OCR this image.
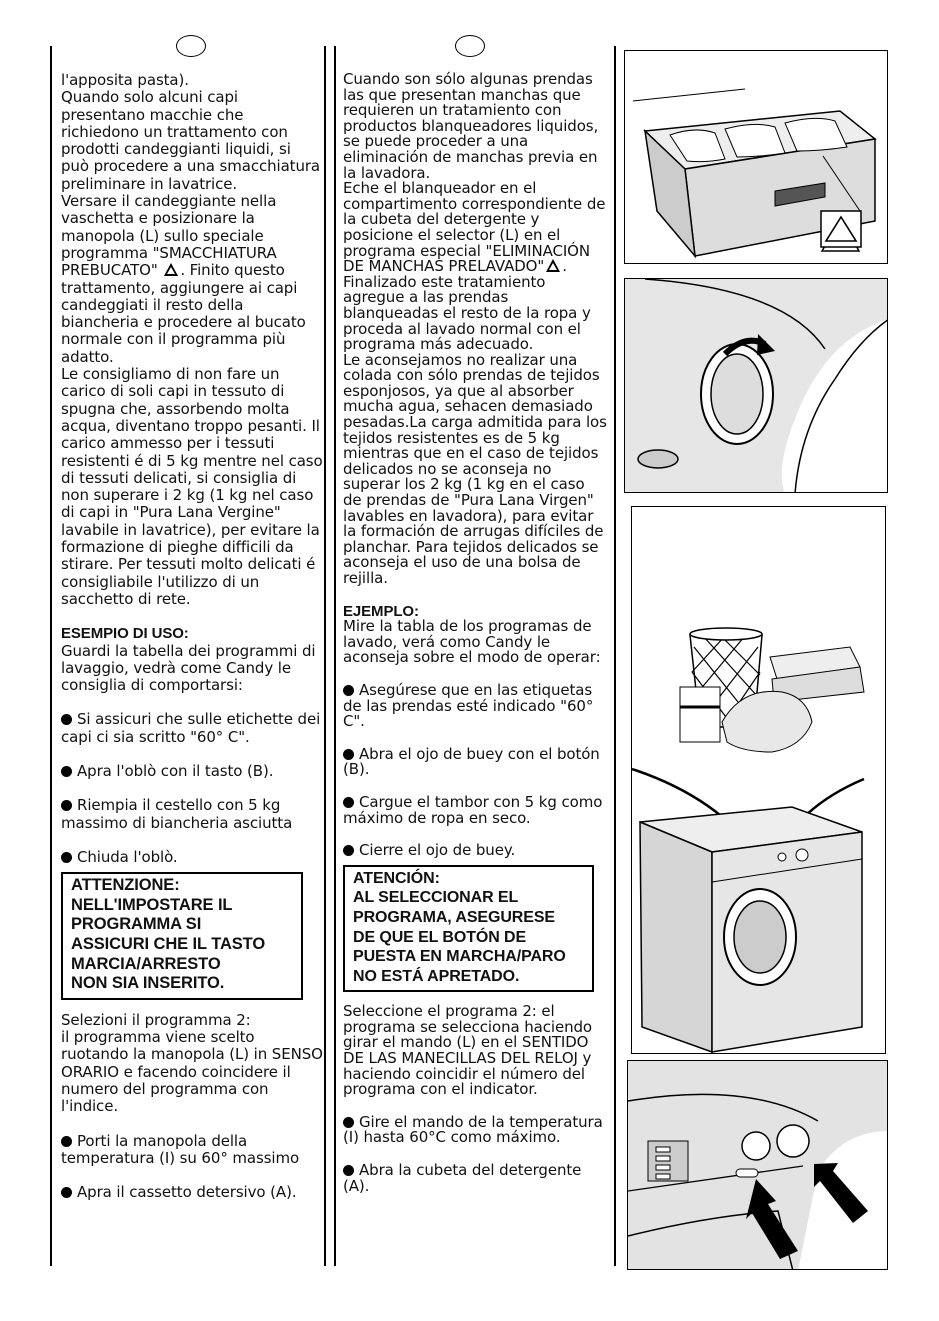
l'apposita pasta).
Quando solo alcuni capi presentano macchie che richiedono un trattamento con prodotti candeggianti liquidi, si può procedere a una smacchiatura preliminare in lavatrice.
Versare il candeggiante nella vaschetta e posizionare la manopola (L) sullo speciale programma "SMACCHIATURA PREBUCATO" . Finito questo trattamento, aggiungere ai capi candeggiati il resto della biancheria e procedere al bucato normale con il programma più adatto.
Le consigliamo di non fare un carico di soli capi in tessuto di spugna che, assorbendo molta acqua, diventano troppo pesanti. Il carico ammesso per i tessuti resistenti é di 5 kg mentre nel caso di tessuti delicati, si consiglia di non superare i 2 kg (1 kg nel caso di capi in "Pura Lana Vergine" lavabile in lavatrice), per evitare la formazione di pieghe difficili da stirare. Per tessuti molto delicati é consigliabile l'utilizzo di un sacchetto di rete.

ESEMPIO DI USO:

Guardi la tabella dei programmi di lavaggio, vedrà come Candy le consiglia di comportarsi:

Si assicuri che sulle etichette dei capi ci sia scritto "60° C".

Apra l'oblò con il tasto (B).

Riempia il cestello con 5 kg massimo di biancheria asciutta

Chiuda l'oblò.

ATTENZIONE:
NELL'IMPOSTARE IL
PROGRAMMA SI
ASSICURI CHE IL TASTO
MARCIA/ARRESTO
NON SIA INSERITO.

Selezioni il programma 2:
il programma viene scelto ruotando la manopola (L) in SENSO ORARIO e facendo coincidere il numero del programma con l'indice.

Porti la manopola della temperatura (I) su 60° massimo

Apra il cassetto detersivo (A).

Cuando son sólo algunas prendas las que presentan manchas que requieren un tratamiento con productos blanqueadores liquidos, se puede proceder a una eliminación de manchas previa en la lavadora.
Eche el blanqueador en el compartimento correspondiente de la cubeta del detergente y posicione el selector (L) en el programa especial "ELIMINACIÓN DE MANCHAS PRELAVADO" .
Finalizado este tratamiento agregue a las prendas blanqueadas el resto de la ropa y proceda al lavado normal con el programa más adecuado.
Le aconsejamos no realizar una colada con sólo prendas de tejidos esponjosos, ya que al absorber mucha agua, sehacen demasiado pesadas.La carga admitida para los tejidos resistentes es de 5 kg mientras que en el caso de tejidos delicados no se aconseja no superar los 2 kg (1 kg en el caso de prendas de "Pura Lana Virgen" lavables en lavadora), para evitar la formación de arrugas difíciles de planchar. Para tejidos delicados se aconseja el uso de una bolsa de rejilla.

EJEMPLO:

Mire la tabla de los programas de lavado, verá como Candy le aconseja sobre el modo de operar:

Asegúrese que en las etiquetas de las prendas esté indicado "60° C".

Abra el ojo de buey con el botón (B).

Cargue el tambor con 5 kg como máximo de ropa en seco.

Cierre el ojo de buey.

ATENCIÓN:
AL SELECCIONAR EL
PROGRAMA, ASEGURESE
DE QUE EL BOTÓN DE
PUESTA EN MARCHA/PARO
NO ESTÁ APRETADO.

Seleccione el programa 2: el programa se selecciona haciendo girar el mando (L) en el SENTIDO DE LAS MANECILLAS DEL RELOJ y haciendo coincidir el número del programa con el indicator.

Gire el mando de la temperatura (I) hasta 60°C como máximo.

Abra la cubeta del detergente (A).
